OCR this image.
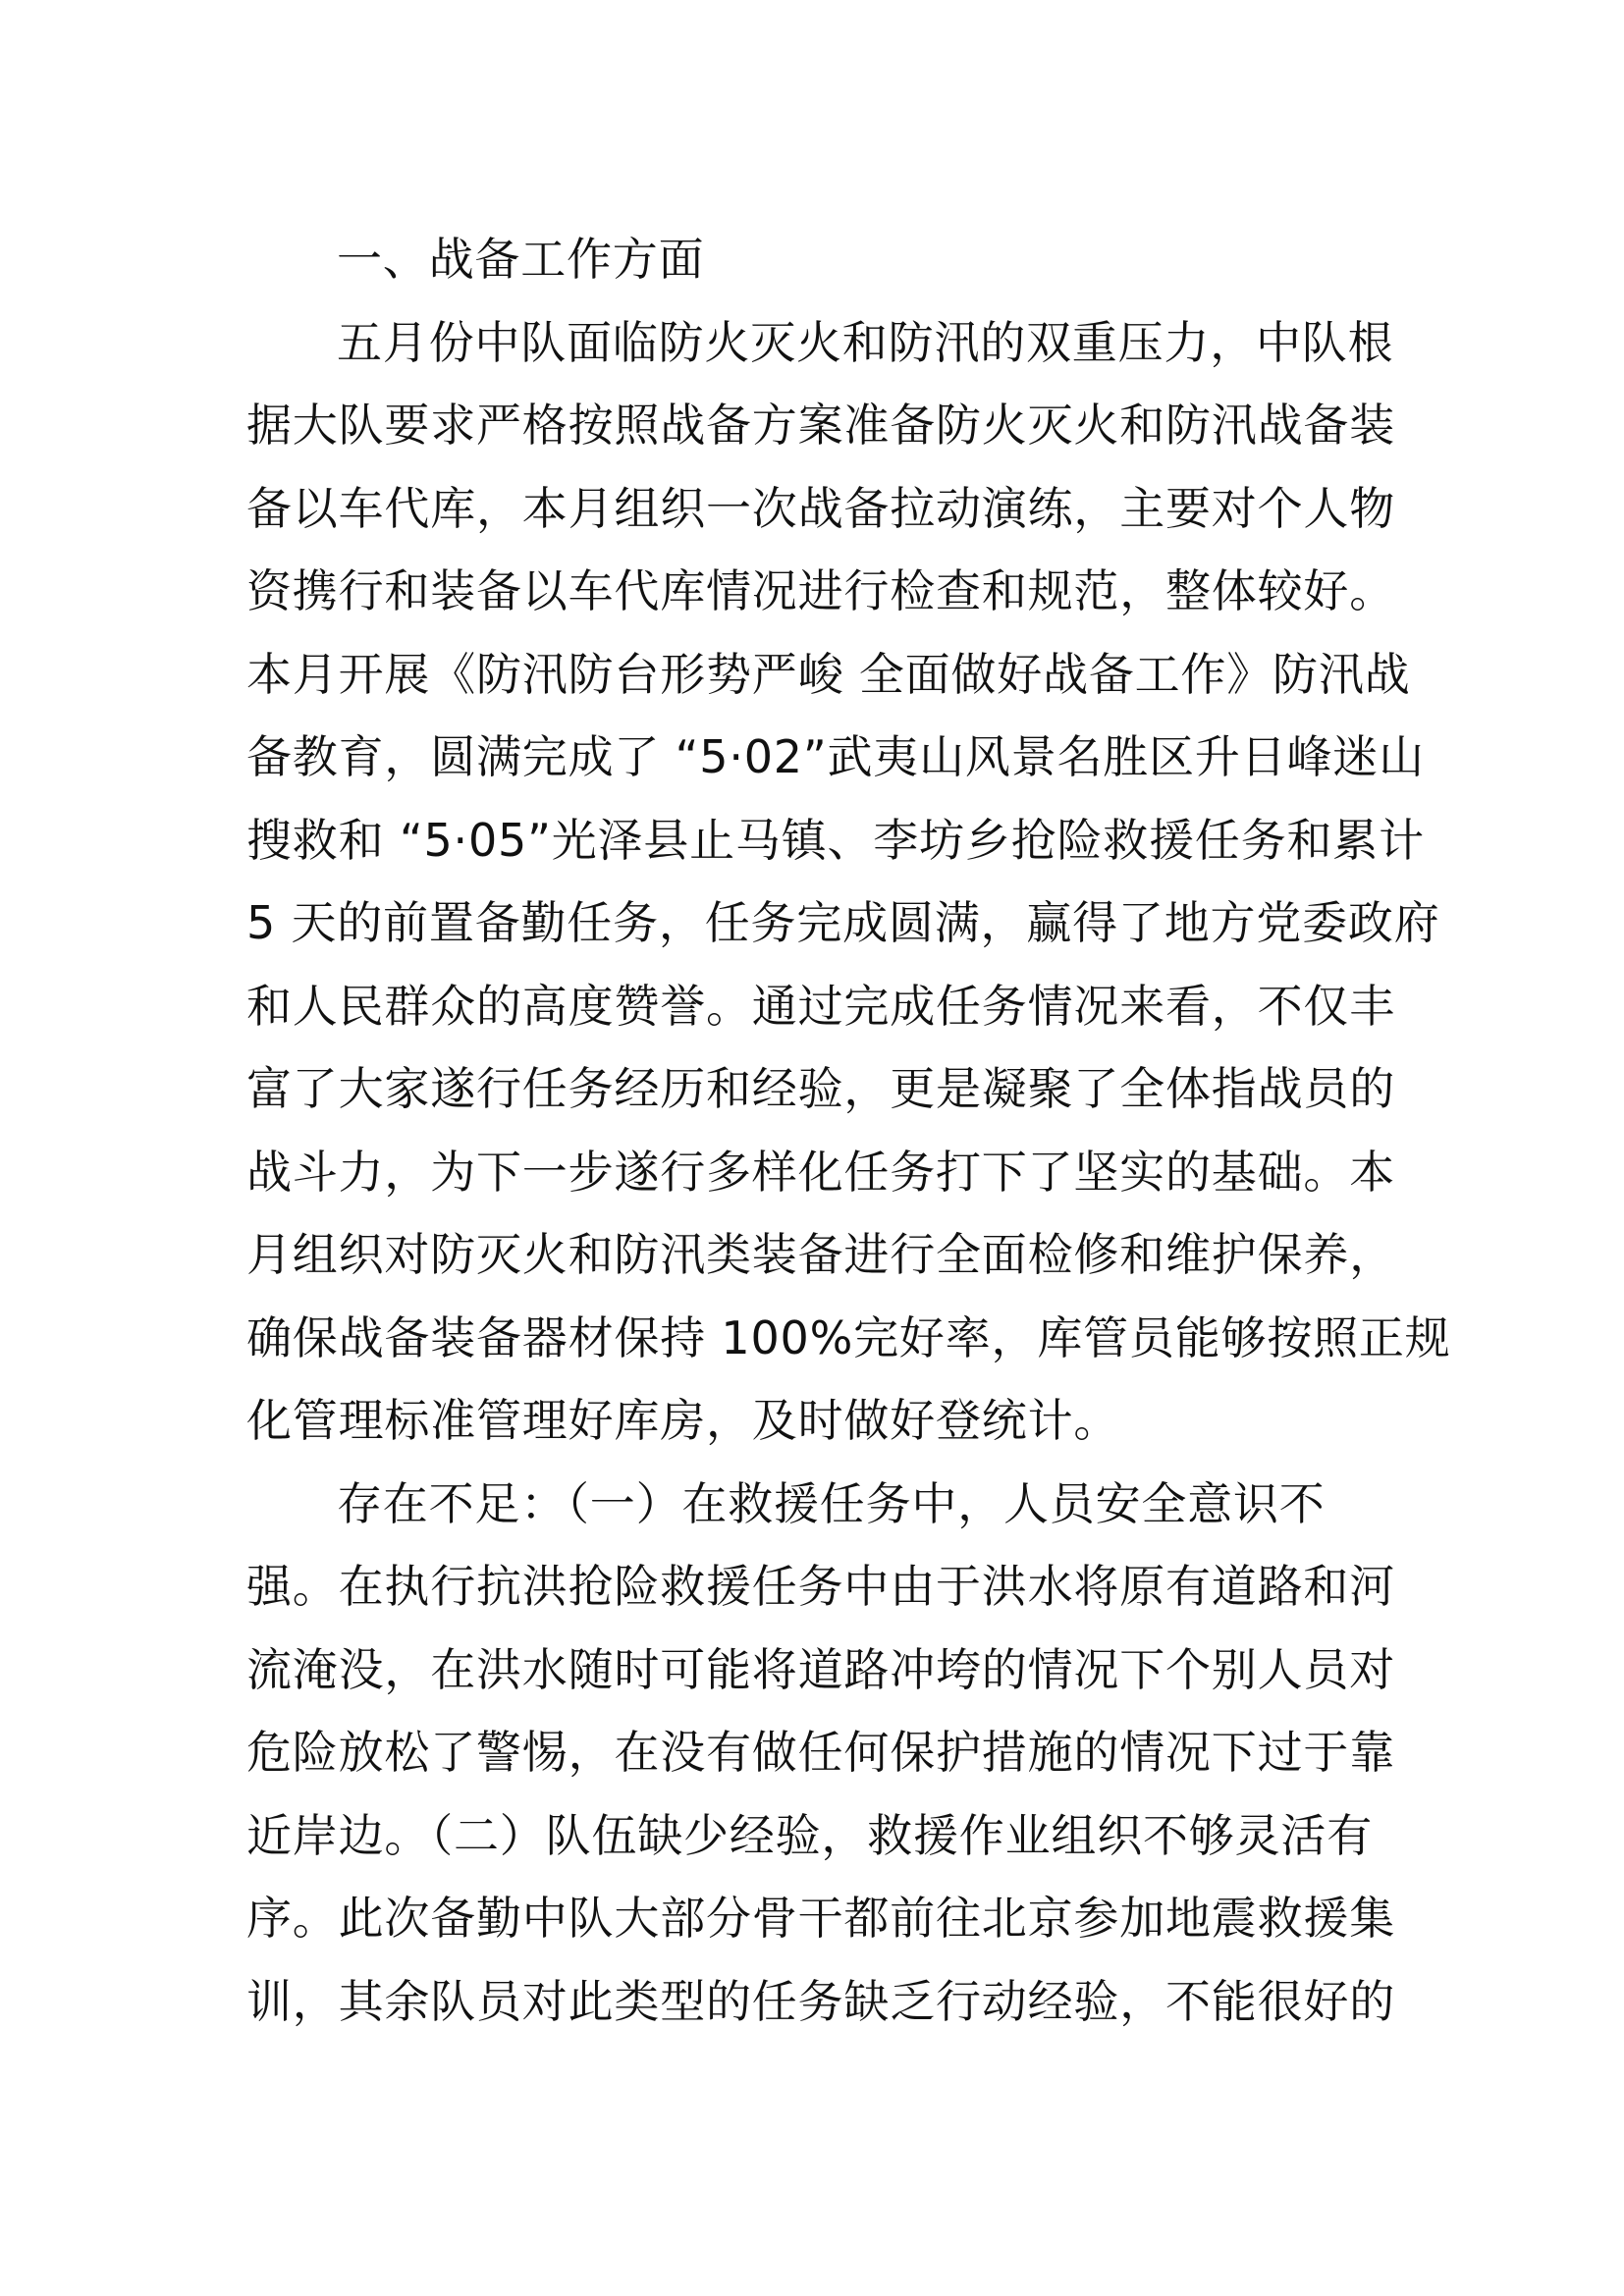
一、战备工作方面
五月份中队面临防火灭火和防汛的双重压力，中队根
据大队要求严格按照战备方案准备防火灭火和防汛战备装
备以车代库，本月组织一次战备拉动演练，主要对个人物
资携行和装备以车代库情况进行检查和规范，整体较好。
本月开展《防汛防台形势严峻 全面做好战备工作》防汛战
备教育，圆满完成了 “5·02”武夷山风景名胜区升日峰迷山
搜救和 “5·05”光泽县止马镇、李坊乡抢险救援任务和累计
5 天的前置备勤任务，任务完成圆满，赢得了地方党委政府
和人民群众的高度赞誉。通过完成任务情况来看，不仅丰
富了大家遂行任务经历和经验，更是凝聚了全体指战员的
战斗力，为下一步遂行多样化任务打下了坚实的基础。本
月组织对防灭火和防汛类装备进行全面检修和维护保养，
确保战备装备器材保持 100%完好率，库管员能够按照正规
化管理标准管理好库房，及时做好登统计。
存在不足：（一）在救援任务中，人员安全意识不
强。在执行抗洪抢险救援任务中由于洪水将原有道路和河
流淹没，在洪水随时可能将道路冲垮的情况下个别人员对
危险放松了警惕，在没有做任何保护措施的情况下过于靠
近岸边。（二）队伍缺少经验，救援作业组织不够灵活有
序。此次备勤中队大部分骨干都前往北京参加地震救援集
训，其余队员对此类型的任务缺乏行动经验，不能很好的
